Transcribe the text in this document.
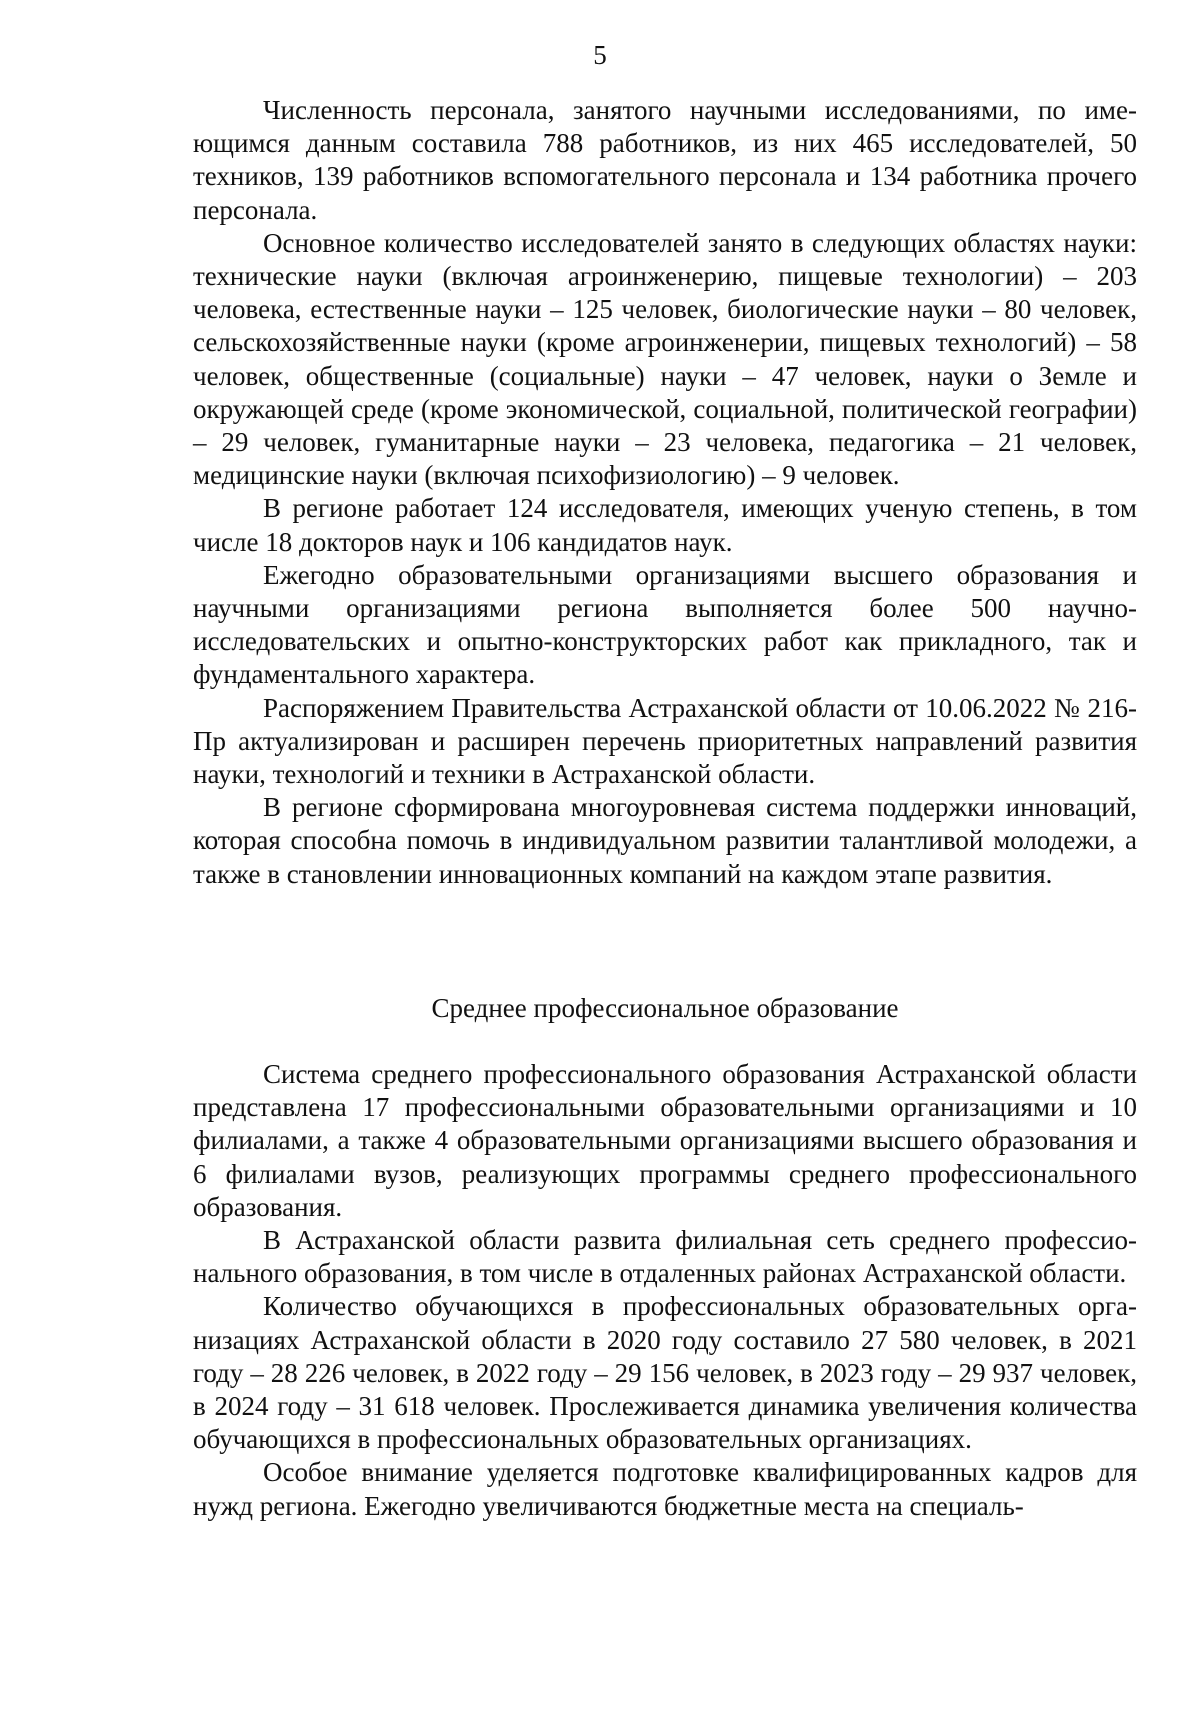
5

Численность персонала, занятого научными исследованиями, по имеющимся данным составила 788 работников, из них 465 исследователей, 50 техников, 139 работников вспомогательного персонала и 134 работника прочего персонала.

Основное количество исследователей занято в следующих областях науки: технические науки (включая агроинженерию, пищевые технологии) – 203 человека, естественные науки – 125 человек, биологические науки – 80 человек, сельскохозяйственные науки (кроме агроинженерии, пищевых технологий) – 58 человек, общественные (социальные) науки – 47 человек, науки о Земле и окружающей среде (кроме экономической, социальной, политической географии) – 29 человек, гуманитарные науки – 23 человека, педагогика – 21 человек, медицинские науки (включая психофизиологию) – 9 человек.

В регионе работает 124 исследователя, имеющих ученую степень, в том числе 18 докторов наук и 106 кандидатов наук.

Ежегодно образовательными организациями высшего образования и научными организациями региона выполняется более 500 научно-исследовательских и опытно-конструкторских работ как прикладного, так и фундаментального характера.

Распоряжением Правительства Астраханской области от 10.06.2022 № 216-Пр актуализирован и расширен перечень приоритетных направлений развития науки, технологий и техники в Астраханской области.

В регионе сформирована многоуровневая система поддержки инноваций, которая способна помочь в индивидуальном развитии талантливой молодежи, а также в становлении инновационных компаний на каждом этапе развития.

Среднее профессиональное образование

Система среднего профессионального образования Астраханской области представлена 17 профессиональными образовательными организациями и 10 филиалами, а также 4 образовательными организациями высшего образования и 6 филиалами вузов, реализующих программы среднего профессионального образования.

В Астраханской области развита филиальная сеть среднего профессионального образования, в том числе в отдаленных районах Астраханской области.

Количество обучающихся в профессиональных образовательных организациях Астраханской области в 2020 году составило 27 580 человек, в 2021 году – 28 226 человек, в 2022 году – 29 156 человек, в 2023 году – 29 937 человек, в 2024 году – 31 618 человек. Прослеживается динамика увеличения количества обучающихся в профессиональных образовательных организациях.

Особое внимание уделяется подготовке квалифицированных кадров для нужд региона. Ежегодно увеличиваются бюджетные места на специаль-
